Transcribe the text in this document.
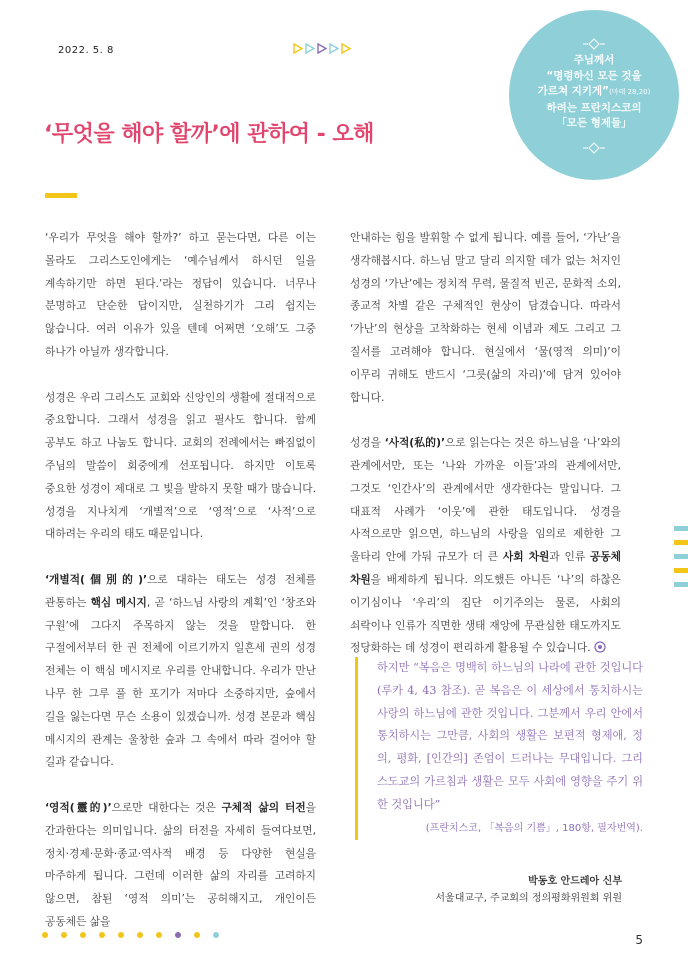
2022. 5. 8
주님께서
“명령하신 모든 것을
가르쳐 지키게”(마태 28,20)
하려는 프란치스코의
「모든 형제들」
‘무엇을 해야 할까’에 관하여 - 오해

‘우리가 무엇을 해야 할까?’ 하고 묻는다면, 다른 이는 몰라도 그리스도인에게는 ‘예수님께서 하시던 일을 계속하기만 하면 된다.’라는 정답이 있습니다. 너무나 분명하고 단순한 답이지만, 실천하기가 그리 쉽지는 않습니다. 여러 이유가 있을 텐데 어쩌면 ‘오해’도 그중 하나가 아닐까 생각합니다.

성경은 우리 그리스도 교회와 신앙인의 생활에 절대적으로 중요합니다. 그래서 성경을 읽고 필사도 합니다. 함께 공부도 하고 나눔도 합니다. 교회의 전례에서는 빠짐없이 주님의 말씀이 회중에게 선포됩니다. 하지만 이토록 중요한 성경이 제대로 그 빛을 발하지 못할 때가 많습니다. 성경을 지나치게 ‘개별적’으로 ‘영적’으로 ‘사적’으로 대하려는 우리의 태도 때문입니다.

‘개별적(個別的)’으로 대하는 태도는 성경 전체를 관통하는 핵심 메시지, 곧 ‘하느님 사랑의 계획’인 ‘창조와 구원’에 그다지 주목하지 않는 것을 말합니다. 한 구절에서부터 한 권 전체에 이르기까지 일흔세 권의 성경 전체는 이 핵심 메시지로 우리를 안내합니다. 우리가 만난 나무 한 그루 풀 한 포기가 저마다 소중하지만, 숲에서 길을 잃는다면 무슨 소용이 있겠습니까. 성경 본문과 핵심 메시지의 관계는 울창한 숲과 그 속에서 따라 걸어야 할 길과 같습니다.

‘영적(靈的)’으로만 대한다는 것은 구체적 삶의 터전을 간과한다는 의미입니다. 삶의 터전을 자세히 들여다보면, 정치·경제·문화·종교·역사적 배경 등 다양한 현실을 마주하게 됩니다. 그런데 이러한 삶의 자리를 고려하지 않으면, 참된 ‘영적 의미’는 공허해지고, 개인이든 공동체든 삶을

안내하는 힘을 발휘할 수 없게 됩니다. 예를 들어, ‘가난’을 생각해봅시다. 하느님 말고 달리 의지할 데가 없는 처지인 성경의 ‘가난’에는 정치적 무력, 물질적 빈곤, 문화적 소외, 종교적 차별 같은 구체적인 현상이 담겼습니다. 따라서 ‘가난’의 현상을 고착화하는 현세 이념과 제도 그리고 그 질서를 고려해야 합니다. 현실에서 ‘물(영적 의미)’이 이무리 귀해도 반드시 ‘그릇(삶의 자리)’에 담겨 있어야 합니다.

성경을 ‘사적(私的)’으로 읽는다는 것은 하느님을 ‘나’와의 관계에서만, 또는 ‘나와 가까운 이들’과의 관계에서만, 그것도 ‘인간사’의 관계에서만 생각한다는 말입니다. 그 대표적 사례가 ‘이웃’에 관한 태도입니다. 성경을 사적으로만 읽으면, 하느님의 사랑을 임의로 제한한 그 울타리 안에 가둬 규모가 더 큰 사회 차원과 인류 공동체 차원을 배제하게 됩니다. 의도했든 아니든 ‘나’의 하찮은 이기심이나 ‘우리’의 집단 이기주의는 물론, 사회의 쇠락이나 인류가 직면한 생태 재앙에 무관심한 태도까지도 정당화하는 데 성경이 편리하게 활용될 수 있습니다.

하지만 “복음은 명백히 하느님의 나라에 관한 것입니다(루카 4, 43 참조). 곧 복음은 이 세상에서 통치하시는 사랑의 하느님에 관한 것입니다. 그분께서 우리 안에서 통치하시는 그만큼, 사회의 생활은 보편적 형제애, 정의, 평화, [인간의] 존엄이 드러나는 무대입니다. 그리스도교의 가르침과 생활은 모두 사회에 영향을 주기 위한 것입니다”
(프란치스코, 「복음의 기쁨」, 180항, 필자번역).
박동호 안드레아 신부
서울대교구, 주교회의 정의평화위원회 위원
5
